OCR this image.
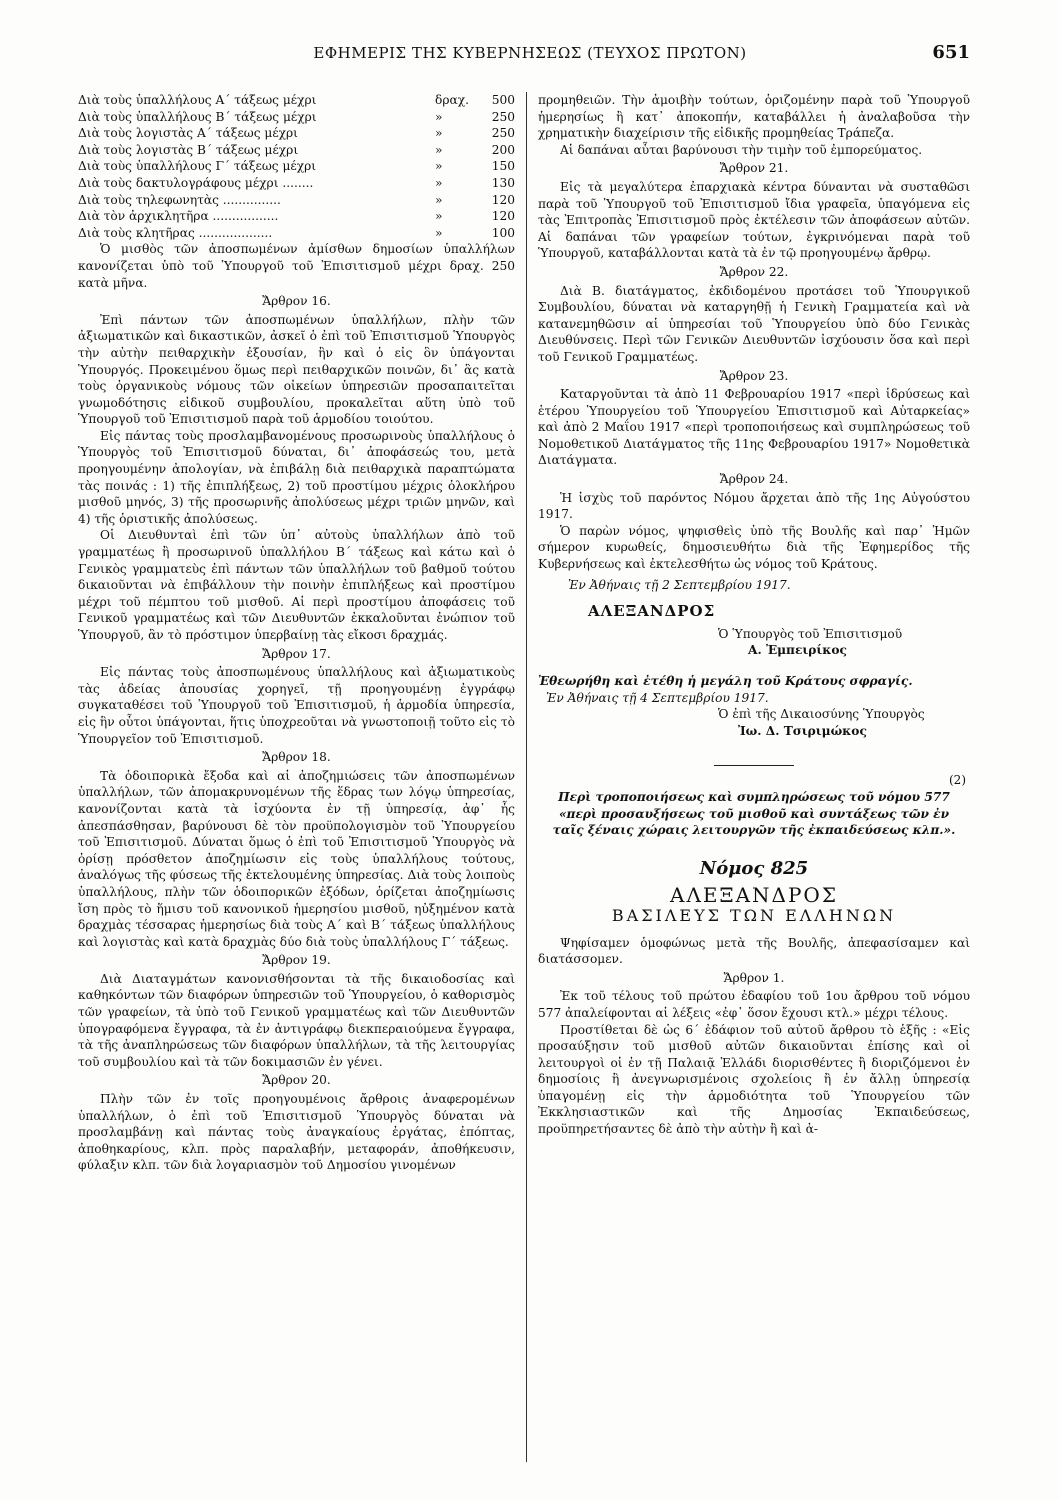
ΕΦΗΜΕΡΙΣ ΤΗΣ ΚΥΒΕΡΝΗΣΕΩΣ (ΤΕΥΧΟΣ ΠΡΩΤΟΝ)	651
Διὰ τοὺς ὑπαλλήλους Α΄ τάξεως μέχρι	δραχ.	500
Διὰ τοὺς ὑπαλλήλους Β΄ τάξεως μέχρι	»	250
Διὰ τοὺς λογιστὰς Α΄ τάξεως μέχρι	»	250
Διὰ τοὺς λογιστὰς Β΄ τάξεως μέχρι	»	200
Διὰ τοὺς ὑπαλλήλους Γ΄ τάξεως μέχρι	»	150
Διὰ τοὺς δακτυλογράφους μέχρι ........	»	130
Διὰ τοὺς τηλεφωνητὰς ...............	»	120
Διὰ τὸν ἀρχικλητῆρα .................	»	120
Διὰ τοὺς κλητῆρας ...................	»	100

Ὁ μισθὸς τῶν ἀποσπωμένων ἀμίσθων δημοσίων ὑπαλλήλων κανονίζεται ὑπὸ τοῦ Ὑπουργοῦ τοῦ Ἐπισιτισμοῦ μέχρι δραχ. 250 κατὰ μῆνα.

Ἄρθρον 16.

Ἐπὶ πάντων τῶν ἀποσπωμένων ὑπαλλήλων, πλὴν τῶν ἀξιωματικῶν καὶ δικαστικῶν, ἀσκεῖ ὁ ἐπὶ τοῦ Ἐπισιτισμοῦ Ὑπουργὸς τὴν αὐτὴν πειθαρχικὴν ἐξουσίαν, ἣν καὶ ὁ εἰς ὃν ὑπάγονται Ὑπουργός. Προκειμένου ὅμως περὶ πειθαρχικῶν ποινῶν, δι᾽ ἃς κατὰ τοὺς ὀργανικοὺς νόμους τῶν οἰκείων ὑπηρεσιῶν προσαπαιτεῖται γνωμοδότησις εἰδικοῦ συμβουλίου, προκαλεῖται αὕτη ὑπὸ τοῦ Ὑπουργοῦ τοῦ Ἐπισιτισμοῦ παρὰ τοῦ ἁρμοδίου τοιούτου.

Εἰς πάντας τοὺς προσλαμβανομένους προσωρινοὺς ὑπαλλήλους ὁ Ὑπουργὸς τοῦ Ἐπισιτισμοῦ δύναται, δι᾽ ἀποφάσεώς του, μετὰ προηγουμένην ἀπολογίαν, νὰ ἐπιβάλῃ διὰ πειθαρχικὰ παραπτώματα τὰς ποινάς : 1) τῆς ἐπιπλήξεως, 2) τοῦ προστίμου μέχρις ὁλοκλήρου μισθοῦ μηνός, 3) τῆς προσωρινῆς ἀπολύσεως μέχρι τριῶν μηνῶν, καὶ 4) τῆς ὁριστικῆς ἀπολύσεως.

Οἱ Διευθυνταὶ ἐπὶ τῶν ὑπ᾽ αὐτοὺς ὑπαλλήλων ἀπὸ τοῦ γραμματέως ἢ προσωρινοῦ ὑπαλλήλου Β΄ τάξεως καὶ κάτω καὶ ὁ Γενικὸς γραμματεὺς ἐπὶ πάντων τῶν ὑπαλλήλων τοῦ βαθμοῦ τούτου δικαιοῦνται νὰ ἐπιβάλλουν τὴν ποινὴν ἐπιπλήξεως καὶ προστίμου μέχρι τοῦ πέμπτου τοῦ μισθοῦ. Αἱ περὶ προστίμου ἀποφάσεις τοῦ Γενικοῦ γραμματέως καὶ τῶν Διευθυντῶν ἐκκαλοῦνται ἐνώπιον τοῦ Ὑπουργοῦ, ἂν τὸ πρόστιμον ὑπερβαίνῃ τὰς εἴκοσι δραχμάς.

Ἄρθρον 17.

Εἰς πάντας τοὺς ἀποσπωμένους ὑπαλλήλους καὶ ἀξιωματικοὺς τὰς ἀδείας ἀπουσίας χορηγεῖ, τῇ προηγουμένῃ ἐγγράφῳ συγκαταθέσει τοῦ Ὑπουργοῦ τοῦ Ἐπισιτισμοῦ, ἡ ἁρμοδία ὑπηρεσία, εἰς ἣν οὗτοι ὑπάγονται, ἥτις ὑποχρεοῦται νὰ γνωστοποιῇ τοῦτο εἰς τὸ Ὑπουργεῖον τοῦ Ἐπισιτισμοῦ.

Ἄρθρον 18.

Τὰ ὁδοιπορικὰ ἔξοδα καὶ αἱ ἀποζημιώσεις τῶν ἀποσπωμένων ὑπαλλήλων, τῶν ἀπομακρυνομένων τῆς ἕδρας των λόγῳ ὑπηρεσίας, κανονίζονται κατὰ τὰ ἰσχύοντα ἐν τῇ ὑπηρεσίᾳ, ἀφ᾽ ἧς ἀπεσπάσθησαν, βαρύνουσι δὲ τὸν προϋπολογισμὸν τοῦ Ὑπουργείου τοῦ Ἐπισιτισμοῦ. Δύναται ὅμως ὁ ἐπὶ τοῦ Ἐπισιτισμοῦ Ὑπουργὸς νὰ ὁρίσῃ πρόσθετον ἀποζημίωσιν εἰς τοὺς ὑπαλλήλους τούτους, ἀναλόγως τῆς φύσεως τῆς ἐκτελουμένης ὑπηρεσίας. Διὰ τοὺς λοιποὺς ὑπαλλήλους, πλὴν τῶν ὁδοιπορικῶν ἐξόδων, ὁρίζεται ἀποζημίωσις ἴση πρὸς τὸ ἥμισυ τοῦ κανονικοῦ ἡμερησίου μισθοῦ, ηὐξημένον κατὰ δραχμὰς τέσσαρας ἡμερησίως διὰ τοὺς Α΄ καὶ Β΄ τάξεως ὑπαλλήλους καὶ λογιστὰς καὶ κατὰ δραχμὰς δύο διὰ τοὺς ὑπαλλήλους Γ΄ τάξεως.

Ἄρθρον 19.

Διὰ Διαταγμάτων κανονισθήσονται τὰ τῆς δικαιοδοσίας καὶ καθηκόντων τῶν διαφόρων ὑπηρεσιῶν τοῦ Ὑπουργείου, ὁ καθορισμὸς τῶν γραφείων, τὰ ὑπὸ τοῦ Γενικοῦ γραμματέως καὶ τῶν Διευθυντῶν ὑπογραφόμενα ἔγγραφα, τὰ ἐν ἀντιγράφῳ διεκπεραιούμενα ἔγγραφα, τὰ τῆς ἀναπληρώσεως τῶν διαφόρων ὑπαλλήλων, τὰ τῆς λειτουργίας τοῦ συμβουλίου καὶ τὰ τῶν δοκιμασιῶν ἐν γένει.

Ἄρθρον 20.

Πλὴν τῶν ἐν τοῖς προηγουμένοις ἄρθροις ἀναφερομένων ὑπαλλήλων, ὁ ἐπὶ τοῦ Ἐπισιτισμοῦ Ὑπουργὸς δύναται νὰ προσλαμβάνῃ καὶ πάντας τοὺς ἀναγκαίους ἐργάτας, ἐπόπτας, ἀποθηκαρίους, κλπ. πρὸς παραλαβήν, μεταφοράν, ἀποθήκευσιν, φύλαξιν κλπ. τῶν διὰ λογαριασμὸν τοῦ Δημοσίου γινομένων

προμηθειῶν. Τὴν ἀμοιβὴν τούτων, ὁριζομένην παρὰ τοῦ Ὑπουργοῦ ἡμερησίως ἢ κατ᾽ ἀποκοπήν, καταβάλλει ἡ ἀναλαβοῦσα τὴν χρηματικὴν διαχείρισιν τῆς εἰδικῆς προμηθείας Τράπεζα.

Αἱ δαπάναι αὗται βαρύνουσι τὴν τιμὴν τοῦ ἐμπορεύματος.

Ἄρθρον 21.

Εἰς τὰ μεγαλύτερα ἐπαρχιακὰ κέντρα δύνανται νὰ συσταθῶσι παρὰ τοῦ Ὑπουργοῦ τοῦ Ἐπισιτισμοῦ ἴδια γραφεῖα, ὑπαγόμενα εἰς τὰς Ἐπιτροπὰς Ἐπισιτισμοῦ πρὸς ἐκτέλεσιν τῶν ἀποφάσεων αὐτῶν. Αἱ δαπάναι τῶν γραφείων τούτων, ἐγκρινόμεναι παρὰ τοῦ Ὑπουργοῦ, καταβάλλονται κατὰ τὰ ἐν τῷ προηγουμένῳ ἄρθρῳ.

Ἄρθρον 22.

Διὰ Β. διατάγματος, ἐκδιδομένου προτάσει τοῦ Ὑπουργικοῦ Συμβουλίου, δύναται νὰ καταργηθῇ ἡ Γενικὴ Γραμματεία καὶ νὰ κατανεμηθῶσιν αἱ ὑπηρεσίαι τοῦ Ὑπουργείου ὑπὸ δύο Γενικὰς Διευθύνσεις. Περὶ τῶν Γενικῶν Διευθυντῶν ἰσχύουσιν ὅσα καὶ περὶ τοῦ Γενικοῦ Γραμματέως.

Ἄρθρον 23.

Καταργοῦνται τὰ ἀπὸ 11 Φεβρουαρίου 1917 «περὶ ἱδρύσεως καὶ ἑτέρου Ὑπουργείου τοῦ Ὑπουργείου Ἐπισιτισμοῦ καὶ Αὐταρκείας» καὶ ἀπὸ 2 Μαΐου 1917 «περὶ τροποποιήσεως καὶ συμπληρώσεως τοῦ Νομοθετικοῦ Διατάγματος τῆς 11ης Φεβρουαρίου 1917» Νομοθετικὰ Διατάγματα.

Ἄρθρον 24.

Ἡ ἰσχὺς τοῦ παρόντος Νόμου ἄρχεται ἀπὸ τῆς 1ης Αὐγούστου 1917.

Ὁ παρὼν νόμος, ψηφισθεὶς ὑπὸ τῆς Βουλῆς καὶ παρ᾽ Ἡμῶν σήμερον κυρωθείς, δημοσιευθήτω διὰ τῆς Ἐφημερίδος τῆς Κυβερνήσεως καὶ ἐκτελεσθήτω ὡς νόμος τοῦ Κράτους.

Ἐν Ἀθήναις τῇ 2 Σεπτεμβρίου 1917.

ΑΛΕΞΑΝΔΡΟΣ
Ὁ Ὑπουργὸς τοῦ Ἐπισιτισμοῦ
Α. Ἐμπειρίκος

Ἐθεωρήθη καὶ ἐτέθη ἡ μεγάλη τοῦ Κράτους σφραγίς.

Ἐν Ἀθήναις τῇ 4 Σεπτεμβρίου 1917.

Ὁ ἐπὶ τῆς Δικαιοσύνης Ὑπουργὸς
Ἰω. Δ. Τσιριμώκος
(2)

Περὶ τροποποιήσεως καὶ συμπληρώσεως τοῦ νόμου 577 «περὶ προσαυξήσεως τοῦ μισθοῦ καὶ συντάξεως τῶν ἐν ταῖς ξέναις χώραις λειτουργῶν τῆς ἐκπαιδεύσεως κλπ.».

Νόμος 825
ΑΛΕΞΑΝΔΡΟΣ
ΒΑΣΙΛΕΥΣ ΤΩΝ ΕΛΛΗΝΩΝ

Ψηφίσαμεν ὁμοφώνως μετὰ τῆς Βουλῆς, ἀπεφασίσαμεν καὶ διατάσσομεν.

Ἄρθρον 1.

Ἐκ τοῦ τέλους τοῦ πρώτου ἐδαφίου τοῦ 1ου ἄρθρου τοῦ νόμου 577 ἀπαλείφονται αἱ λέξεις «ἐφ᾽ ὅσον ἔχουσι κτλ.» μέχρι τέλους.

Προστίθεται δὲ ὡς 6΄ ἐδάφιον τοῦ αὐτοῦ ἄρθρου τὸ ἑξῆς : «Εἰς προσαύξησιν τοῦ μισθοῦ αὐτῶν δικαιοῦνται ἐπίσης καὶ οἱ λειτουργοὶ οἱ ἐν τῇ Παλαιᾷ Ἑλλάδι διορισθέντες ἢ διοριζόμενοι ἐν δημοσίοις ἢ ἀνεγνωρισμένοις σχολείοις ἢ ἐν ἄλλῃ ὑπηρεσίᾳ ὑπαγομένῃ εἰς τὴν ἁρμοδιότητα τοῦ Ὑπουργείου τῶν Ἐκκλησιαστικῶν καὶ τῆς Δημοσίας Ἐκπαιδεύσεως, προϋπηρετήσαντες δὲ ἀπὸ τὴν αὐτὴν ἢ καὶ ἀ-
